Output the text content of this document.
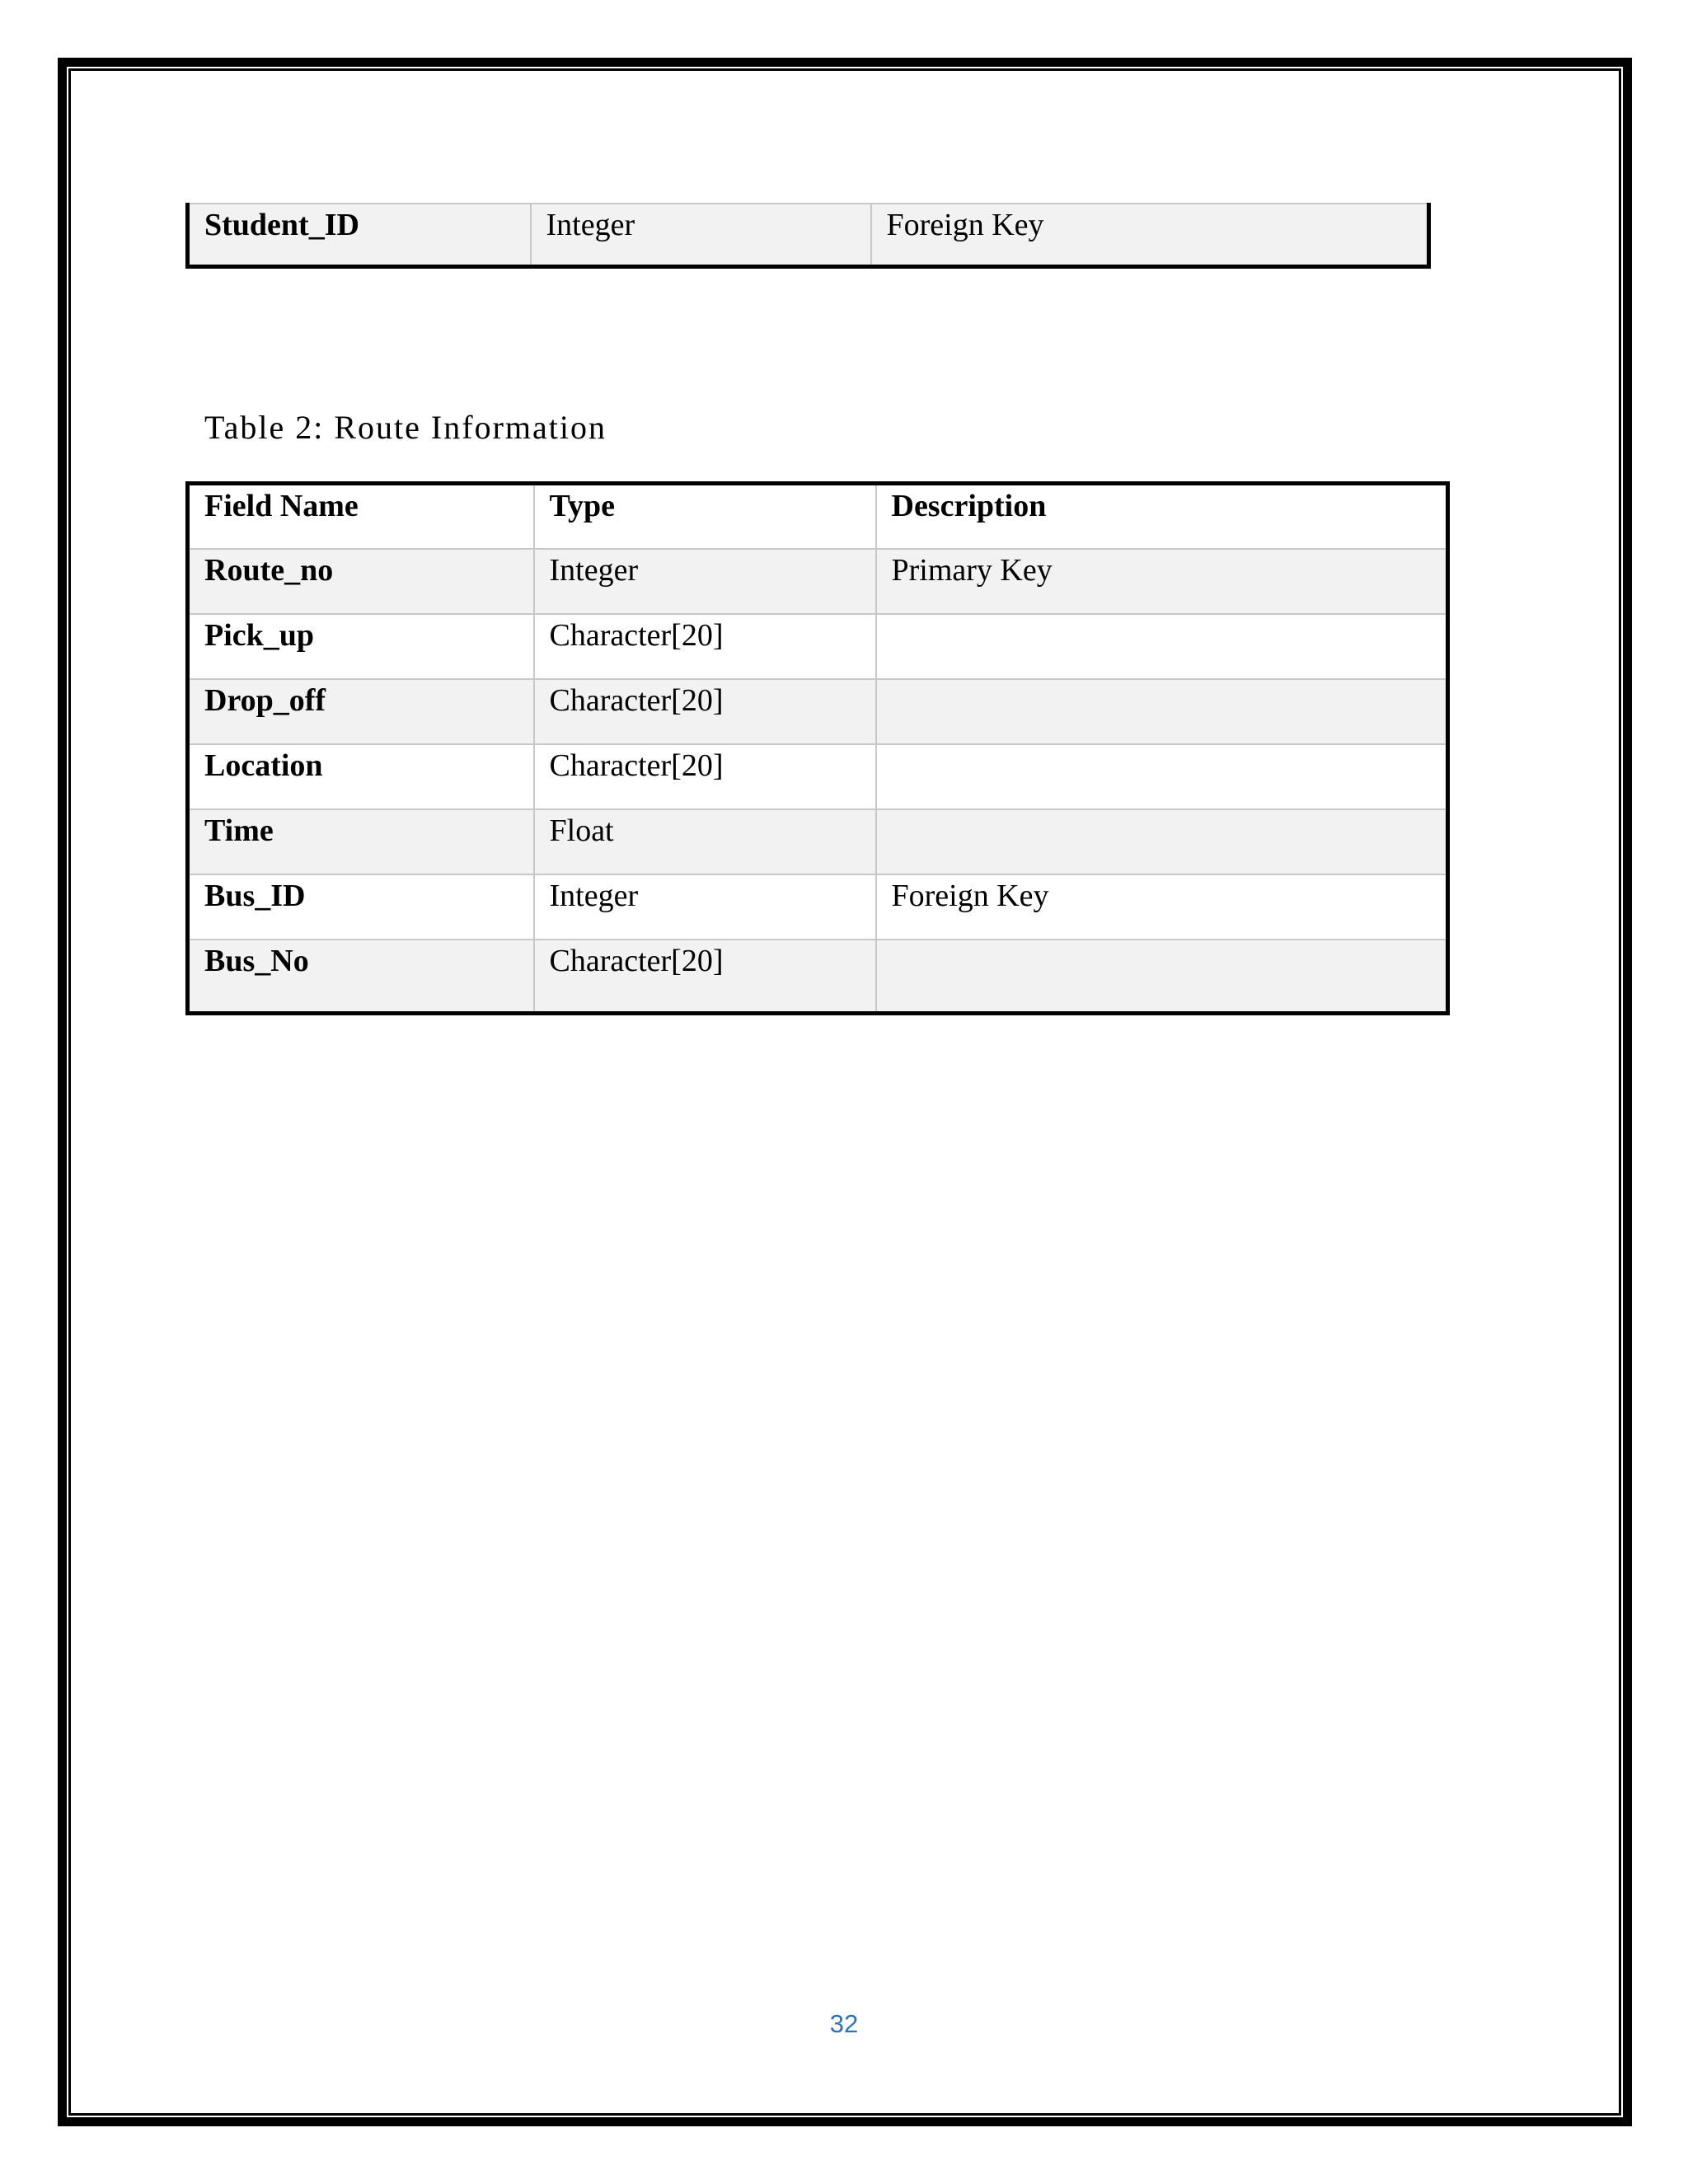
Student_ID	Integer	Foreign Key

Table 2: Route Information

Field Name	Type	Description
Route_no	Integer	Primary Key
Pick_up	Character[20]	
Drop_off	Character[20]	
Location	Character[20]	
Time	Float	
Bus_ID	Integer	Foreign Key
Bus_No	Character[20]	
32
